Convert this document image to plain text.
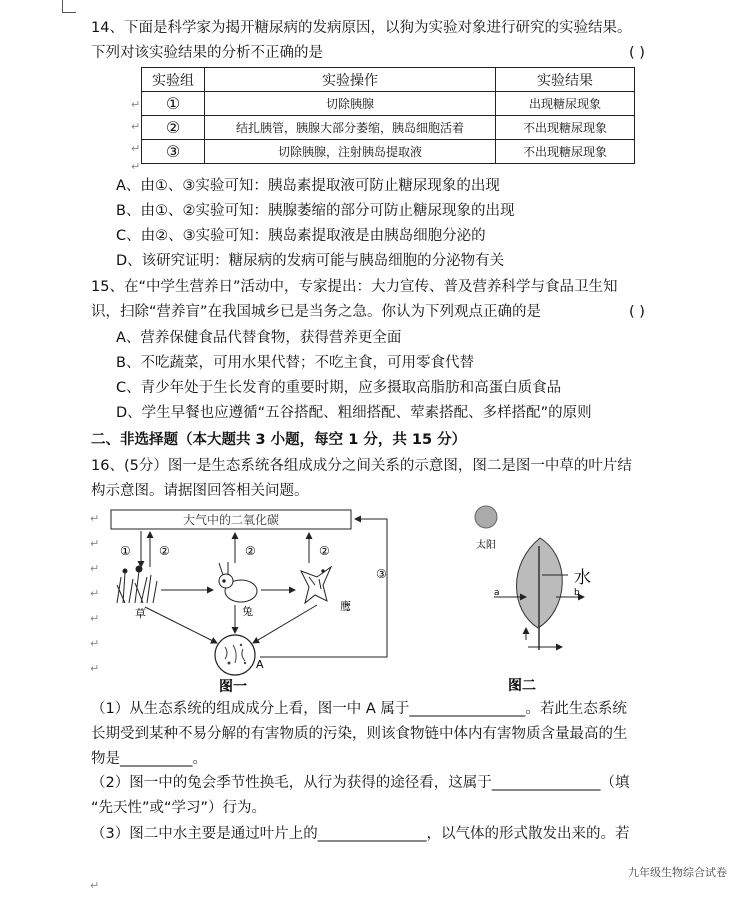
14、下面是科学家为揭开糖尿病的发病原因，以狗为实验对象进行研究的实验结果。
下列对该实验结果的分析不正确的是	( )
↵
↵
↵
↵
实验组	实验操作	实验结果
①	切除胰腺	出现糖尿现象
②	结扎胰管，胰腺大部分萎缩，胰岛细胞活着	不出现糖尿现象
③	切除胰腺，注射胰岛提取液	不出现糖尿现象
A、由①、③实验可知：胰岛素提取液可防止糖尿现象的出现
B、由①、②实验可知：胰腺萎缩的部分可防止糖尿现象的出现
C、由②、③实验可知：胰岛素提取液是由胰岛细胞分泌的
D、该研究证明：糖尿病的发病可能与胰岛细胞的分泌物有关
15、在“中学生营养日”活动中，专家提出：大力宣传、普及营养科学与食品卫生知
识，扫除“营养盲”在我国城乡已是当务之急。你认为下列观点正确的是	( )
A、营养保健食品代替食物，获得营养更全面
B、不吃蔬菜，可用水果代替；不吃主食，可用零食代替
C、青少年处于生长发育的重要时期，应多摄取高脂肪和高蛋白质食品
D、学生早餐也应遵循“五谷搭配、粗细搭配、荤素搭配、多样搭配”的原则
二、非选择题（本大题共 3 小题，每空 1 分，共 15 分）
16、(5分）图一是生态系统各组成成分之间关系的示意图，图二是图一中草的叶片结
构示意图。请据图回答相关问题。
↵
↵
↵
↵
↵
↵
↵
大气中的二氧化碳
① ②	②	②
③
草	兔	鹰
A
图一
太阳
水
a	b
图二
（1）从生态系统的组成成分上看，图一中 A 属于________________。若此生态系统
长期受到某种不易分解的有害物质的污染，则该食物链中体内有害物质含量最高的生
物是__________。
（2）图一中的兔会季节性换毛，从行为获得的途径看，这属于_______________（填
“先天性”或“学习”）行为。
（3）图二中水主要是通过叶片上的_______________，以气体的形式散发出来的。若
九年级生物综合试卷
↵
